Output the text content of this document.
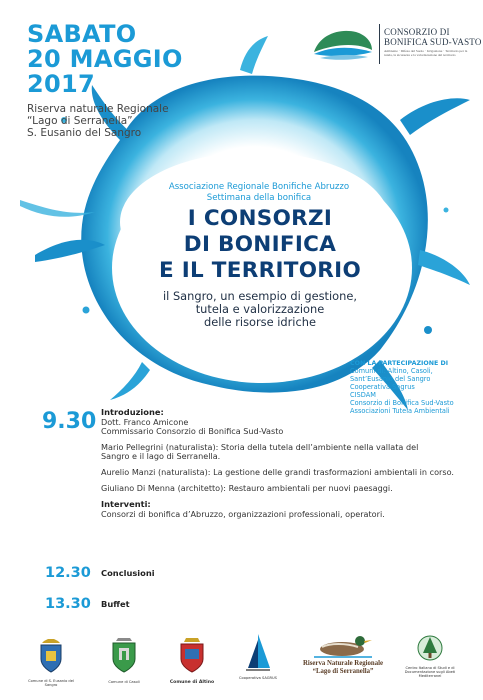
SABATO
20 MAGGIO
2017
Riserva naturale Regionale
“Lago di Serranella”
S. Eusanio del Sangro
CONSORZIO DI
BONIFICA SUD-VASTO
Ambiente · Difesa del Suolo · Irrigazione · Territorio per la tutela, la sicurezza e la valorizzazione del territorio
Associazione Regionale Bonifiche Abruzzo
Settimana della bonifica
I CONSORZI
DI BONIFICA
E IL TERRITORIO
il Sangro, un esempio di gestione,
tutela e valorizzazione
delle risorse idriche
CON LA PARTECIPAZIONE DI
Comuni di: Altino, Casoli,
Sant’Eusanio del Sangro
Cooperativa Sagrus
CISDAM
Consorzio di Bonifica Sud-Vasto
Associazioni Tutela Ambientali
9.30 Introduzione:
Dott. Franco Amicone
Commissario Consorzio di Bonifica Sud-Vasto
Mario Pellegrini (naturalista): Storia della tutela dell’ambiente nella vallata del
Sangro e il lago di Serranella.
Aurelio Manzi (naturalista): La gestione delle grandi trasformazioni ambientali in corso.
Giuliano Di Menna (architetto): Restauro ambientali per nuovi paesaggi.
Interventi:
Consorzi di bonifica d’Abruzzo, organizzazioni professionali, operatori.
12.30 Conclusioni
13.30 Buffet
Comune di S. Eusanio del Sangro
Comune di Casoli	Comune di Altino
Cooperativa SAGRUS
Riserva Naturale Regionale
“Lago di Serranella”	Centro Italiano di Studi e di Documentazione sugli Abeti Mediterranei
